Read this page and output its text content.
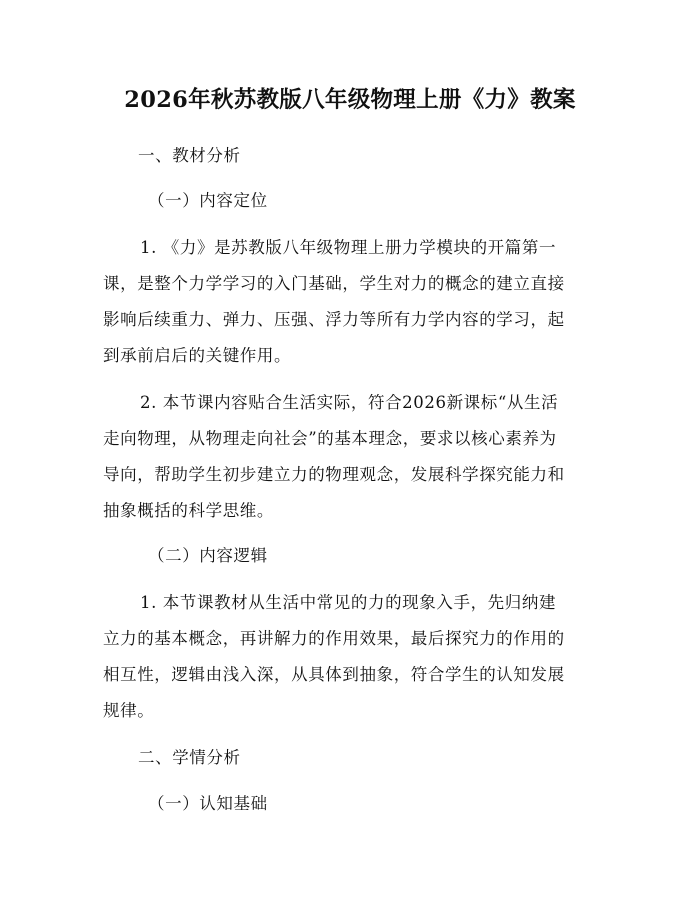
2026年秋苏教版八年级物理上册《力》教案
一、教材分析
（一）内容定位
1. 《力》是苏教版八年级物理上册力学模块的开篇第一
课，是整个力学学习的入门基础，学生对力的概念的建立直接
影响后续重力、弹力、压强、浮力等所有力学内容的学习，起
到承前启后的关键作用。
2. 本节课内容贴合生活实际，符合2026新课标“从生活
走向物理，从物理走向社会”的基本理念，要求以核心素养为
导向，帮助学生初步建立力的物理观念，发展科学探究能力和
抽象概括的科学思维。
（二）内容逻辑
1. 本节课教材从生活中常见的力的现象入手，先归纳建
立力的基本概念，再讲解力的作用效果，最后探究力的作用的
相互性，逻辑由浅入深，从具体到抽象，符合学生的认知发展
规律。
二、学情分析
（一）认知基础
